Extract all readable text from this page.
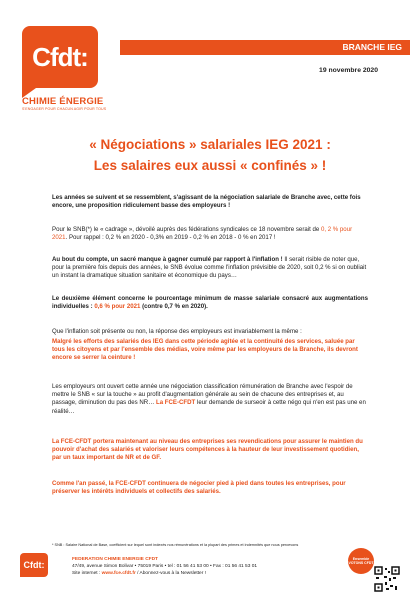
Cfdt:
CHIMIE ÉNERGIE
S'ENGAGER POUR CHACUN AGIR POUR TOUS
BRANCHE IEG
19 novembre 2020
« Négociations » salariales IEG 2021 :
Les salaires eux aussi « confinés » !
Les années se suivent et se ressemblent, s'agissant de la négociation salariale de Branche avec, cette fois encore, une proposition ridiculement basse des employeurs !
Pour le SNB(*) le « cadrage », dévoilé auprès des fédérations syndicales ce 18 novembre serait de 0, 2 % pour 2021. Pour rappel : 0,2 % en 2020 - 0,3% en 2019 - 0,2 % en 2018 - 0 % en 2017 !
Au bout du compte, un sacré manque à gagner cumulé par rapport à l'inflation ! Il serait risible de noter que, pour la première fois depuis des années, le SNB évolue comme l'inflation prévisible de 2020, soit 0,2 % si on oubliait un instant la dramatique situation sanitaire et économique du pays…
Le deuxième élément concerne le pourcentage minimum de masse salariale consacré aux augmentations individuelles : 0,6 % pour 2021 (contre 0,7 % en 2020).
Que l'inflation soit présente ou non, la réponse des employeurs est invariablement la même :
Malgré les efforts des salariés des IEG dans cette période agitée et la continuité des services, saluée par tous les citoyens et par l'ensemble des médias, voire même par les employeurs de la Branche, ils devront encore se serrer la ceinture !
Les employeurs ont ouvert cette année une négociation classification rémunération de Branche avec l'espoir de mettre le SNB « sur la touche » au profit d'augmentation générale au sein de chacune des entreprises et, au passage, diminution du pas des NR… La FCE-CFDT leur demande de surseoir à cette négo qui n'en est pas une en réalité…
La FCE-CFDT portera maintenant au niveau des entreprises ses revendications pour assurer le maintien du pouvoir d'achat des salariés et valoriser leurs compétences à la hauteur de leur investissement quotidien, par un taux important de NR et de GF.
Comme l'an passé, la FCE-CFDT continuera de négocier pied à pied dans toutes les entreprises, pour préserver les intérêts individuels et collectifs des salariés.
* SNB : Salaire National de Base, coefficient sur lequel sont indexés nos rémunérations et la plupart des primes et indemnités que nous percevons
Cfdt:
FEDERATION CHIMIE ENERGIE CFDT
47/49, avenue Simon Bolivar • 75019 Paris • tel : 01 56 41 53 00 • Fax : 01 56 41 53 01
Site internet : www.fce.cfdt.fr / Abonnez-vous à la Newsletter !
Ensemble VOTONS CFDT
